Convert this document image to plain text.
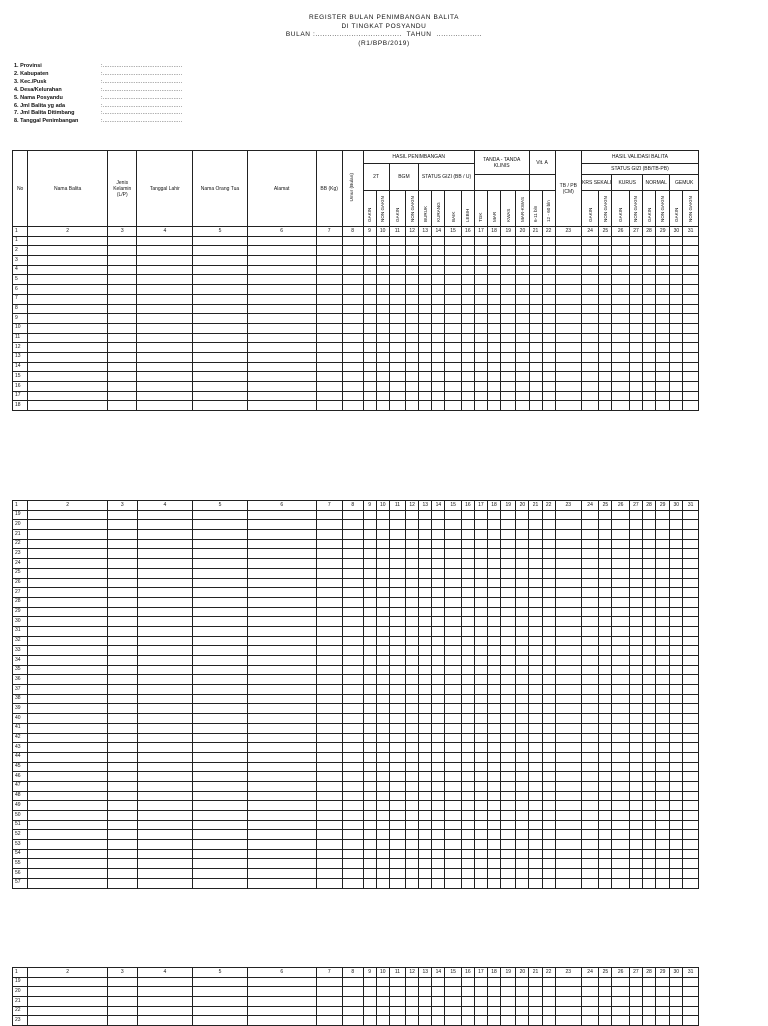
REGISTER BULAN PENIMBANGAN BALITA
DI TINGKAT POSYANDU
BULAN :....................................  TAHUN  ...................
(R1/BPB/2019)
1. Provinsi	:..............................................
2. Kabupaten	:..............................................
3. Kec./Pusk	:..............................................
4. Desa/Kelurahan	:..............................................
5. Nama Posyandu	:..............................................
6. Jml Balita yg ada	:..............................................
7. Jml Balita Ditimbang	:..............................................
8. Tanggal Penimbangan	:..............................................
No	Nama Balita	Jenis Kelamin (L/P)	Tanggal Lahir	Nama Orang Tua	Alamat	BB (Kg)	Umur (Bulan)	HASIL PENIMBANGAN								TANDA - TANDA KLINIS				Vit. A		TB / PB (CM)	HASIL VALIDASI BALITA							
								2T		BGM		STATUS GIZI (BB / U)											STATUS GIZI (BB/TB-PB)							
																							KRS SEKALI		KURUS		NORMAL		GEMUK	
								GAKIN	NON GAKIN	GAKIN	NON GAKIN	BURUK	KURANG	BAIK	LEBIH	TGK	MAR	KWAS	MAR-KWAS	6-11 bln	12 - 60 bln		GAKIN	NON GAKIN	GAKIN	NON GAKIN	GAKIN	NON GAKIN	GAKIN	NON GAKIN
1	2	3	4	5	6	7	8	9	10	11	12	13	14	15	16	17	18	19	20	21	22	23	24	25	26	27	28	29	30	31
1																														
2																														
3																														
4																														
5																														
6																														
7																														
8																														
9																														
10																														
11																														
12																														
13																														
14																														
15																														
16																														
17																														
18																														
1	2	3	4	5	6	7	8	9	10	11	12	13	14	15	16	17	18	19	20	21	22	23	24	25	26	27	28	29	30	31
19																														
20																														
21																														
22																														
23																														
24																														
25																														
26																														
27																														
28																														
29																														
30																														
31																														
32																														
33																														
34																														
35																														
36																														
37																														
38																														
39																														
40																														
41																														
42																														
43																														
44																														
45																														
46																														
47																														
48																														
49																														
50																														
51																														
52																														
53																														
54																														
55																														
56																														
57																														
1	2	3	4	5	6	7	8	9	10	11	12	13	14	15	16	17	18	19	20	21	22	23	24	25	26	27	28	29	30	31
19																														
20																														
21																														
22																														
23																														
